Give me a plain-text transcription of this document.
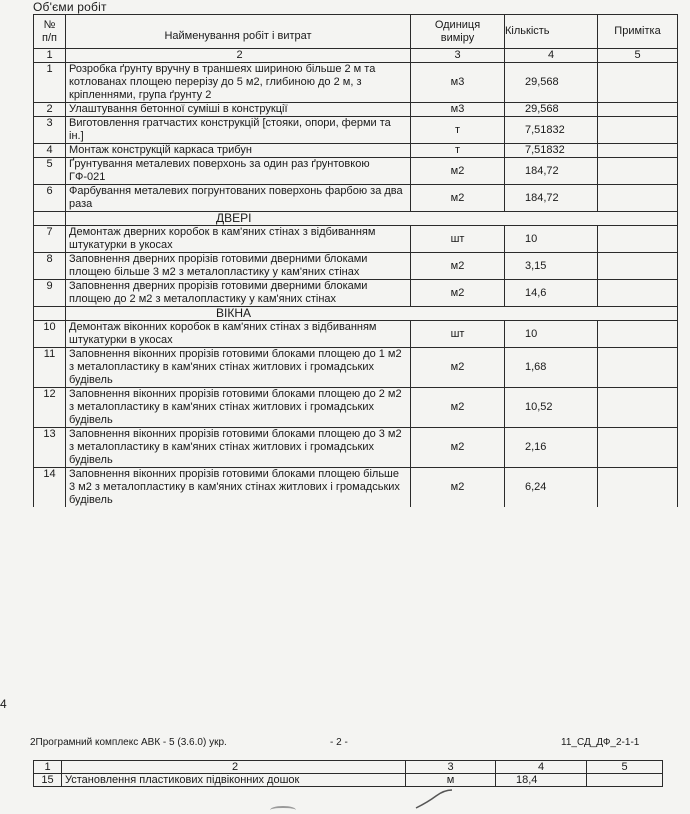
Об'єми робіт
№
п/п	Найменування робіт і витрат	Одиниця
виміру	Кількість	Примітка
1	2	3	4	5
1	Розробка ґрунту вручну в траншеях шириною більше 2 м та котлованах площею перерізу до 5 м2, глибиною до 2 м, з кріпленнями, група ґрунту 2	м3	29,568	
2	Улаштування бетонної суміші в конструкції	м3	29,568	
3	Виготовлення гратчастих конструкцій [стояки, опори, ферми та ін.]	т	7,51832	
4	Монтаж конструкцій каркаса трибун	т	7,51832	
5	Ґрунтування металевих поверхонь за один раз ґрунтовкою ГФ-021	м2	184,72	
6	Фарбування металевих погрунтованих поверхонь фарбою за два раза	м2	184,72	
	ДВЕРІ			
7	Демонтаж дверних коробок в кам'яних стінах з відбиванням штукатурки в укосах	шт	10	
8	Заповнення дверних прорізів готовими дверними блоками площею більше 3 м2 з металопластику у кам'яних стінах	м2	3,15	
9	Заповнення дверних прорізів готовими дверними блоками площею до 2 м2 з металопластику у кам'яних стінах	м2	14,6	
	ВІКНА			
10	Демонтаж віконних коробок в кам'яних стінах з відбиванням штукатурки в укосах	шт	10	
11	Заповнення віконних прорізів готовими блоками площею до 1 м2 з металопластику в кам'яних стінах житлових і громадських будівель	м2	1,68	
12	Заповнення віконних прорізів готовими блоками площею до 2 м2 з металопластику в кам'яних стінах житлових і громадських будівель	м2	10,52	
13	Заповнення віконних прорізів готовими блоками площею до 3 м2 з металопластику в кам'яних стінах житлових і громадських будівель	м2	2,16	
14	Заповнення віконних прорізів готовими блоками площею більше 3 м2 з металопластику в кам'яних стінах житлових і громадських будівель	м2	6,24	
4
2Програмний комплекс АВК - 5 (3.6.0) укр.	- 2 -	11_СД_ДФ_2-1-1
1	2	3	4	5
15	Установлення пластикових підвіконних дошок	м	18,4	
